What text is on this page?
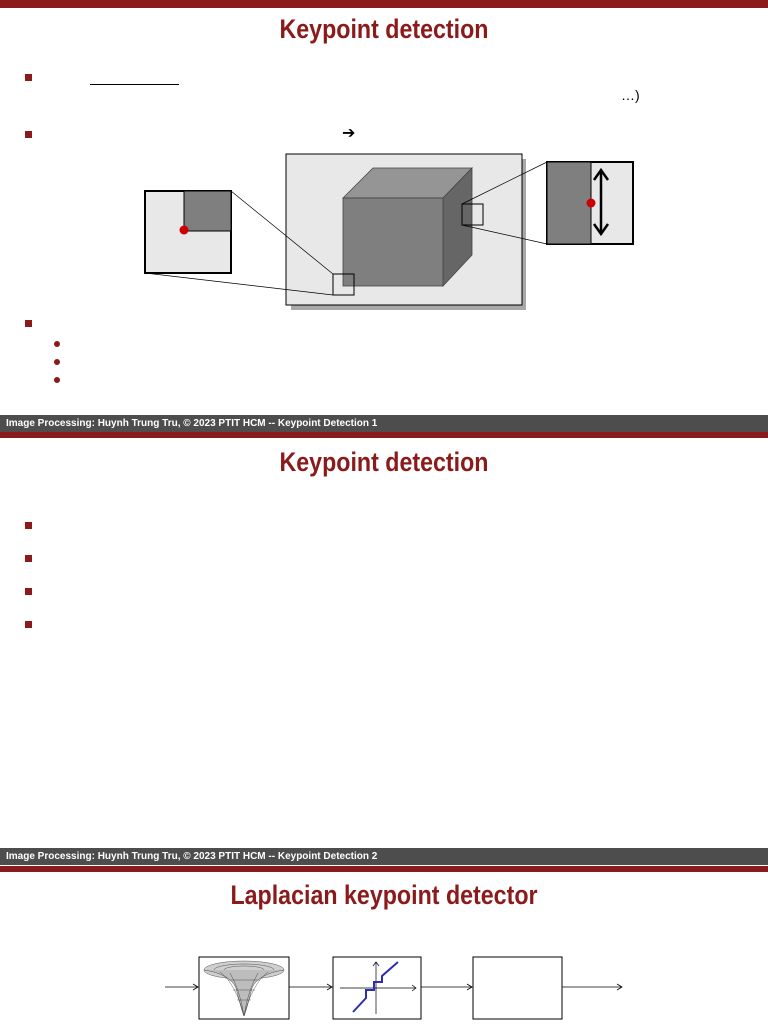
Keypoint detection
…)
➔
Image Processing: Huynh Trung Tru, © 2023 PTIT HCM -- Keypoint Detection 1
Keypoint detection
Image Processing: Huynh Trung Tru, © 2023 PTIT HCM -- Keypoint Detection 2
Laplacian keypoint detector
